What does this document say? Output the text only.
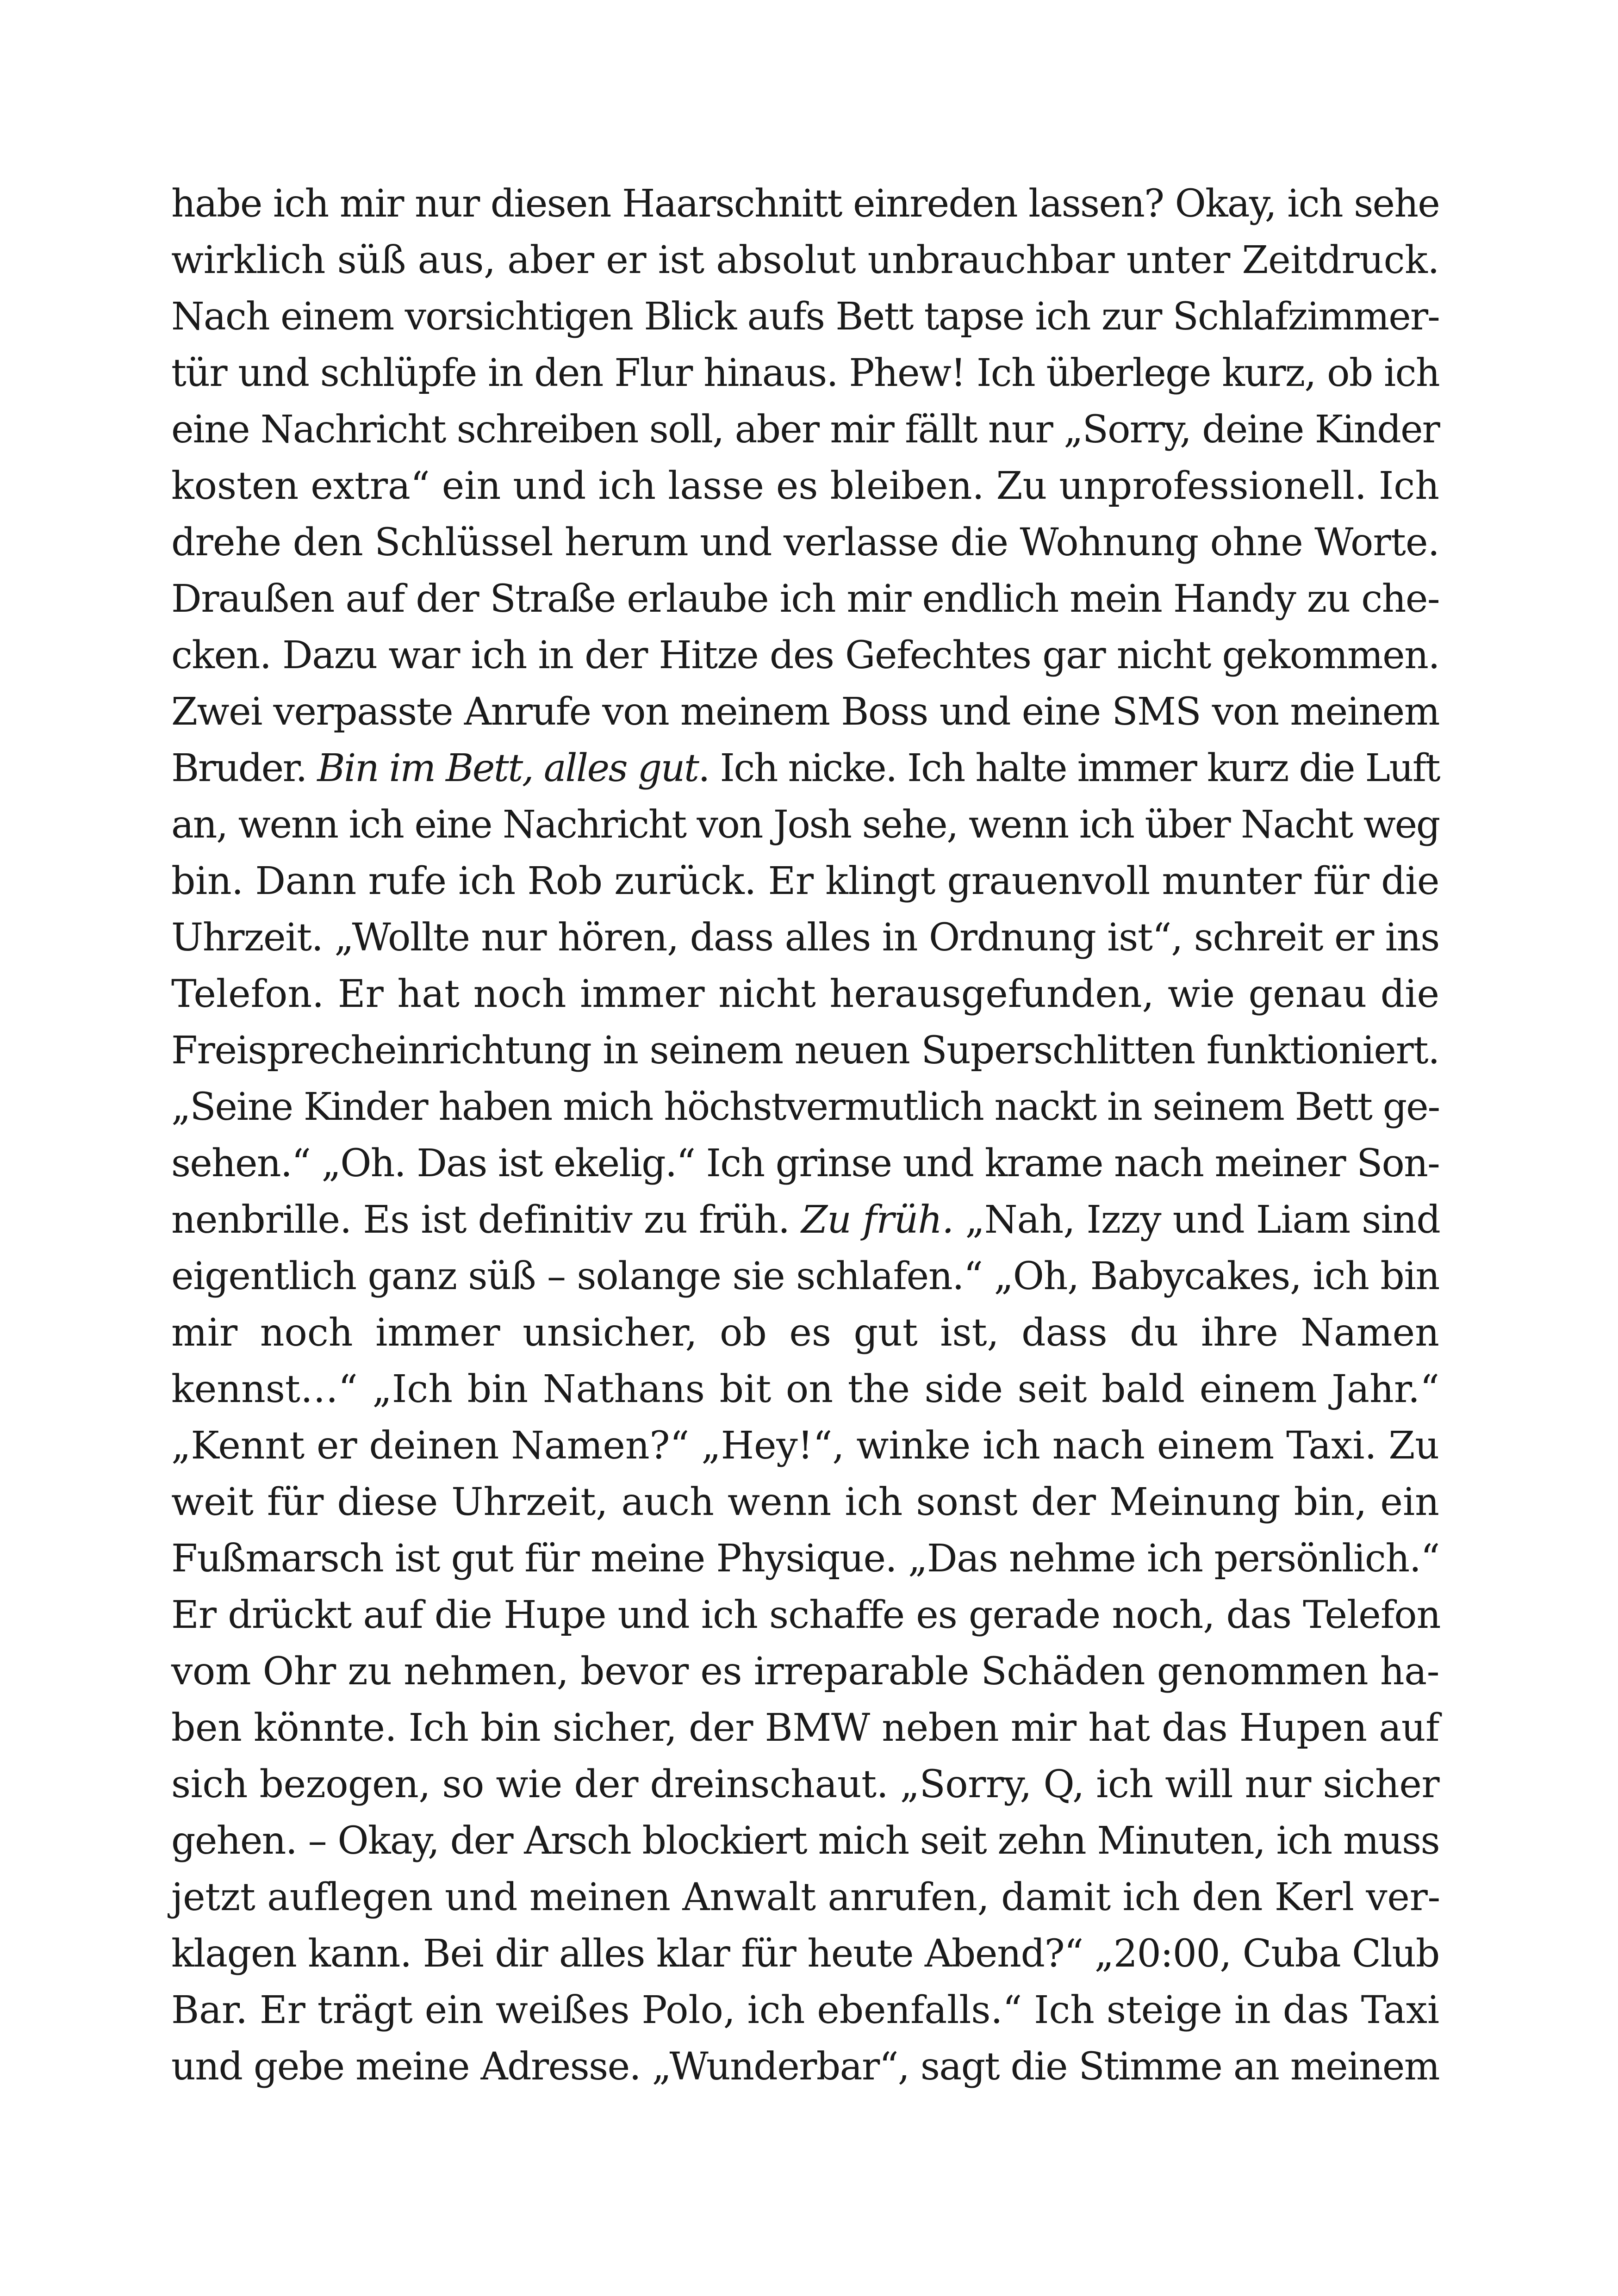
habe ich mir nur diesen Haarschnitt einreden lassen? Okay, ich sehe
wirklich süß aus, aber er ist absolut unbrauchbar unter Zeitdruck.
Nach einem vorsichtigen Blick aufs Bett tapse ich zur Schlafzimmer-
tür und schlüpfe in den Flur hinaus. Phew! Ich überlege kurz, ob ich
eine Nachricht schreiben soll, aber mir fällt nur „Sorry, deine Kinder
kosten extra“ ein und ich lasse es bleiben. Zu unprofessionell. Ich
drehe den Schlüssel herum und verlasse die Wohnung ohne Worte.
Draußen auf der Straße erlaube ich mir endlich mein Handy zu che-
cken. Dazu war ich in der Hitze des Gefechtes gar nicht gekommen.
Zwei verpasste Anrufe von meinem Boss und eine SMS von meinem
Bruder. Bin im Bett, alles gut. Ich nicke. Ich halte immer kurz die Luft
an, wenn ich eine Nachricht von Josh sehe, wenn ich über Nacht weg
bin. Dann rufe ich Rob zurück. Er klingt grauenvoll munter für die
Uhrzeit. „Wollte nur hören, dass alles in Ordnung ist“, schreit er ins
Telefon. Er hat noch immer nicht herausgefunden, wie genau die
Freisprecheinrichtung in seinem neuen Superschlitten funktioniert.
„Seine Kinder haben mich höchstvermutlich nackt in seinem Bett ge-
sehen.“ „Oh. Das ist ekelig.“ Ich grinse und krame nach meiner Son-
nenbrille. Es ist definitiv zu früh. Zu früh. „Nah, Izzy und Liam sind
eigentlich ganz süß – solange sie schlafen.“ „Oh, Babycakes, ich bin
mir noch immer unsicher, ob es gut ist, dass du ihre Namen
kennst…“ „Ich bin Nathans bit on the side seit bald einem Jahr.“
„Kennt er deinen Namen?“ „Hey!“, winke ich nach einem Taxi. Zu
weit für diese Uhrzeit, auch wenn ich sonst der Meinung bin, ein
Fußmarsch ist gut für meine Physique. „Das nehme ich persönlich.“
Er drückt auf die Hupe und ich schaffe es gerade noch, das Telefon
vom Ohr zu nehmen, bevor es irreparable Schäden genommen ha-
ben könnte. Ich bin sicher, der BMW neben mir hat das Hupen auf
sich bezogen, so wie der dreinschaut. „Sorry, Q, ich will nur sicher
gehen. – Okay, der Arsch blockiert mich seit zehn Minuten, ich muss
jetzt auflegen und meinen Anwalt anrufen, damit ich den Kerl ver-
klagen kann. Bei dir alles klar für heute Abend?“ „20:00, Cuba Club
Bar. Er trägt ein weißes Polo, ich ebenfalls.“ Ich steige in das Taxi
und gebe meine Adresse. „Wunderbar“, sagt die Stimme an meinem
